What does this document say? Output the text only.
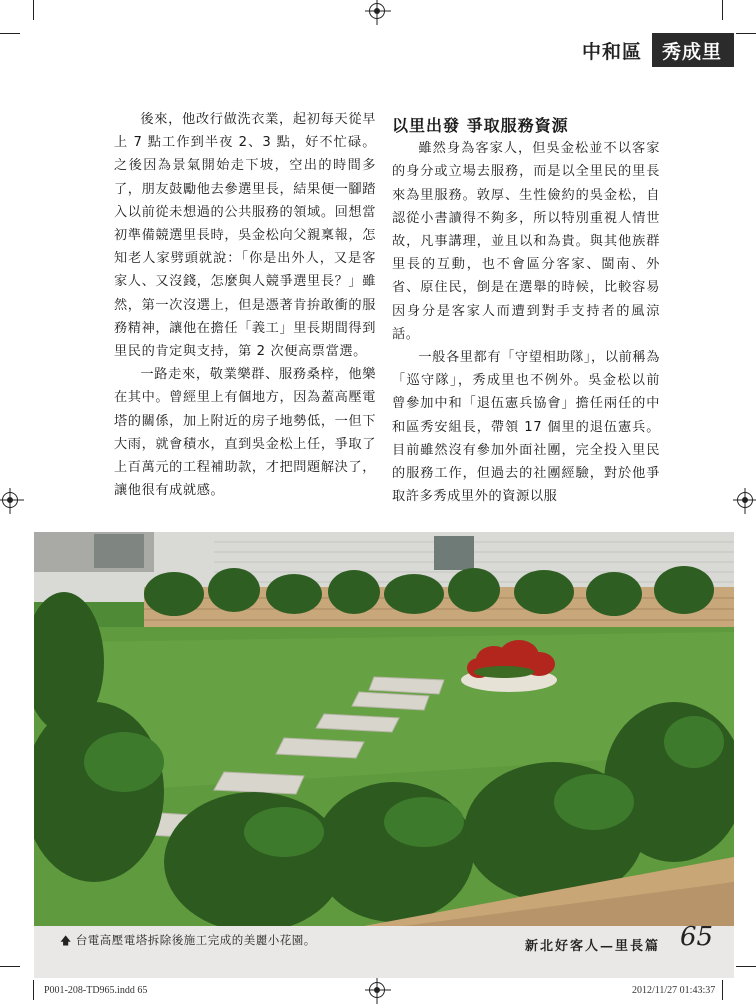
中和區	秀成里

後來，他改行做洗衣業，起初每天從早上 7 點工作到半夜 2、3 點，好不忙碌。之後因為景氣開始走下坡，空出的時間多了，朋友鼓勵他去參選里長，結果便一腳踏入以前從未想過的公共服務的領域。回想當初準備競選里長時，吳金松向父親稟報，怎知老人家劈頭就說：「你是出外人，又是客家人、又沒錢，怎麼與人競爭選里長？」雖然，第一次沒選上，但是憑著肯拚敢衝的服務精神，讓他在擔任「義工」里長期間得到里民的肯定與支持，第 2 次便高票當選。

一路走來，敬業樂群、服務桑梓，他樂在其中。曾經里上有個地方，因為蓋高壓電塔的關係，加上附近的房子地勢低，一但下大雨，就會積水，直到吳金松上任，爭取了上百萬元的工程補助款，才把問題解決了，讓他很有成就感。

以里出發 爭取服務資源

雖然身為客家人，但吳金松並不以客家的身分或立場去服務，而是以全里民的里長來為里服務。敦厚、生性儉約的吳金松，自認從小書讀得不夠多，所以特別重視人情世故，凡事講理，並且以和為貴。與其他族群里長的互動，也不會區分客家、閩南、外省、原住民，倒是在選舉的時候，比較容易因身分是客家人而遭到對手支持者的風涼話。

一般各里都有「守望相助隊」，以前稱為「巡守隊」，秀成里也不例外。吳金松以前曾參加中和「退伍憲兵協會」擔任兩任的中和區秀安組長，帶領 17 個里的退伍憲兵。目前雖然沒有參加外面社團，完全投入里民的服務工作，但過去的社團經驗，對於他爭取許多秀成里外的資源以服

🡅 台電高壓電塔拆除後施工完成的美麗小花園。	新北好客人—里長篇 65
P001-208-TD965.indd 65	2012/11/27 01:43:37
